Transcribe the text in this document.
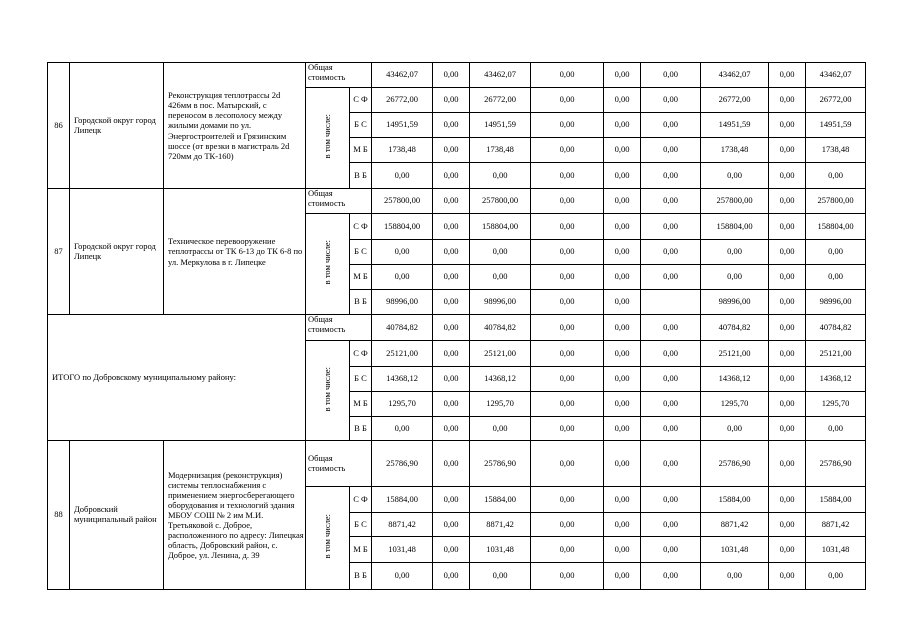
86	Городской округ город Липецк	Реконструкция теплотрассы 2d 426мм в пос. Матырский, с переносом в лесополосу между жилыми домами по ул. Энергостроителей и Грязинским шоссе (от врезки в магистраль 2d 720мм до ТК-160)	Общая стоимость		43462,07	0,00	43462,07	0,00	0,00	0,00	43462,07	0,00	43462,07
			в том числе:	С Ф	26772,00	0,00	26772,00	0,00	0,00	0,00	26772,00	0,00	26772,00
				Б С	14951,59	0,00	14951,59	0,00	0,00	0,00	14951,59	0,00	14951,59
				М Б	1738,48	0,00	1738,48	0,00	0,00	0,00	1738,48	0,00	1738,48
				В Б	0,00	0,00	0,00	0,00	0,00	0,00	0,00	0,00	0,00
87	Городской округ город Липецк	Техническое перевооружение теплотрассы от ТК 6-13 до ТК 6-8 по ул. Меркулова в г. Липецке	Общая стоимость		257800,00	0,00	257800,00	0,00	0,00	0,00	257800,00	0,00	257800,00
			в том числе:	С Ф	158804,00	0,00	158804,00	0,00	0,00	0,00	158804,00	0,00	158804,00
				Б С	0,00	0,00	0,00	0,00	0,00	0,00	0,00	0,00	0,00
				М Б	0,00	0,00	0,00	0,00	0,00	0,00	0,00	0,00	0,00
				В Б	98996,00	0,00	98996,00	0,00	0,00		98996,00	0,00	98996,00
ИТОГО по Добровскому муниципальному району:			Общая стоимость		40784,82	0,00	40784,82	0,00	0,00	0,00	40784,82	0,00	40784,82
			в том числе:	С Ф	25121,00	0,00	25121,00	0,00	0,00	0,00	25121,00	0,00	25121,00
				Б С	14368,12	0,00	14368,12	0,00	0,00	0,00	14368,12	0,00	14368,12
				М Б	1295,70	0,00	1295,70	0,00	0,00	0,00	1295,70	0,00	1295,70
				В Б	0,00	0,00	0,00	0,00	0,00	0,00	0,00	0,00	0,00
88	Добровский муниципальный район	Модернизация (реконструкция) системы теплоснабжения с применением энергосберегающего оборудования и технологий здания МБОУ СОШ № 2 им М.И. Третьяковой с. Доброе, расположенного по адресу: Липецкая область, Добровский район, с. Доброе, ул. Ленина, д. 39	Общая стоимость		25786,90	0,00	25786,90	0,00	0,00	0,00	25786,90	0,00	25786,90
			в том числе:	С Ф	15884,00	0,00	15884,00	0,00	0,00	0,00	15884,00	0,00	15884,00
				Б С	8871,42	0,00	8871,42	0,00	0,00	0,00	8871,42	0,00	8871,42
				М Б	1031,48	0,00	1031,48	0,00	0,00	0,00	1031,48	0,00	1031,48
				В Б	0,00	0,00	0,00	0,00	0,00	0,00	0,00	0,00	0,00
